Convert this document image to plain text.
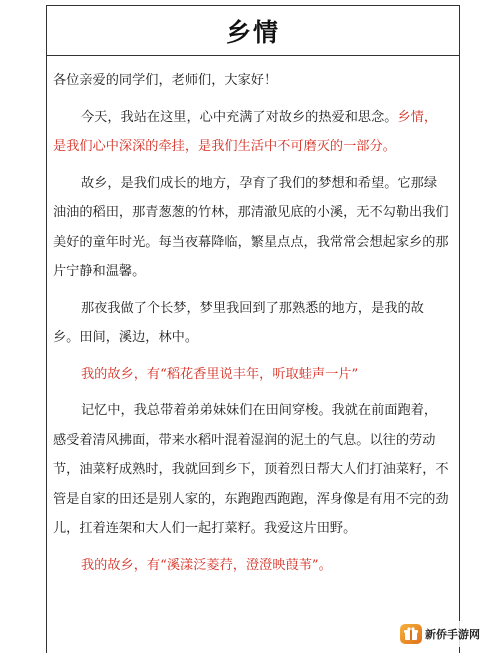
乡情

各位亲爱的同学们，老师们，大家好！

今天，我站在这里，心中充满了对故乡的热爱和思念。乡情，是我们心中深深的牵挂，是我们生活中不可磨灭的一部分。

故乡，是我们成长的地方，孕育了我们的梦想和希望。它那绿油油的稻田，那青葱葱的竹林，那清澈见底的小溪，无不勾勒出我们美好的童年时光。每当夜幕降临，繁星点点，我常常会想起家乡的那片宁静和温馨。

那夜我做了个长梦，梦里我回到了那熟悉的地方，是我的故乡。田间，溪边，林中。

我的故乡，有“稻花香里说丰年，听取蛙声一片”

记忆中，我总带着弟弟妹妹们在田间穿梭。我就在前面跑着，感受着清风拂面，带来水稻叶混着湿润的泥土的气息。以往的劳动节，油菜籽成熟时，我就回到乡下，顶着烈日帮大人们打油菜籽，不管是自家的田还是别人家的，东跑跑西跑跑，浑身像是有用不完的劲儿，扛着连架和大人们一起打菜籽。我爱这片田野。

我的故乡，有“溪漾泛菱荇，澄澄映葭苇”。

新侨手游网
